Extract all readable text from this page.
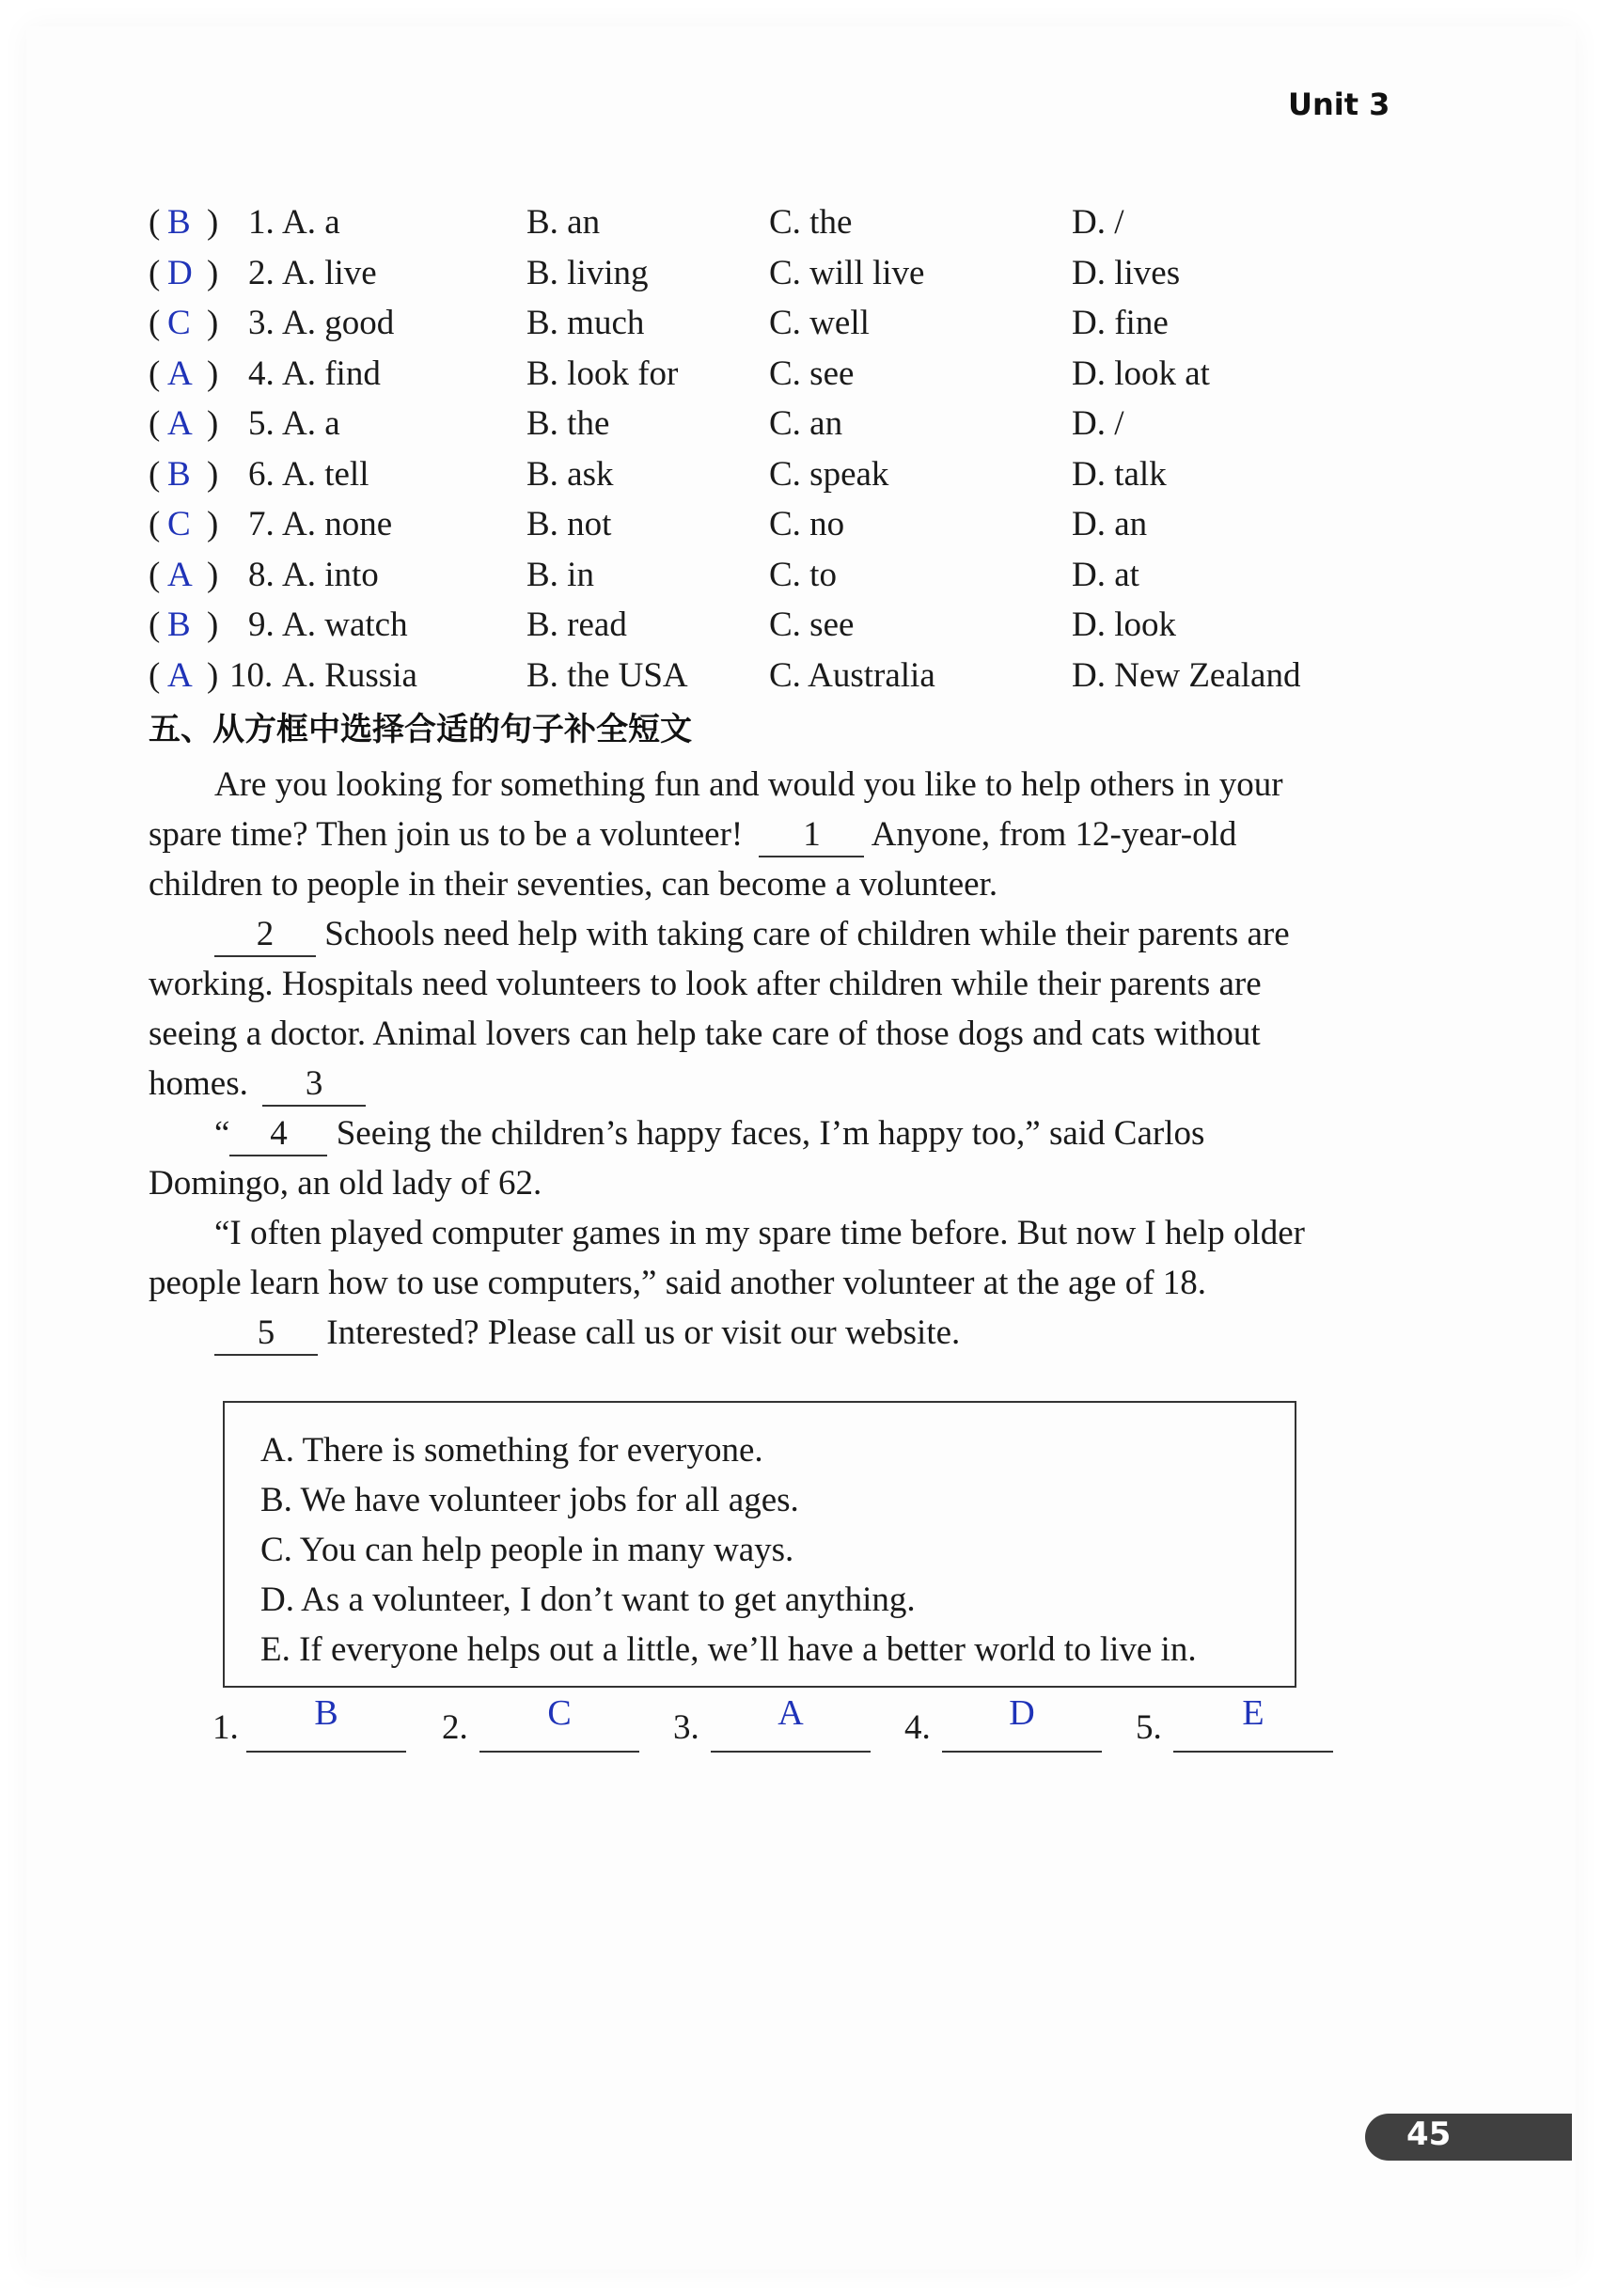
Unit 3
( B ) 1. A. a	B. an	C. the	D. /
( D ) 2. A. live	B. living	C. will live	D. lives
( C ) 3. A. good	B. much	C. well	D. fine
( A ) 4. A. find	B. look for	C. see	D. look at
( A ) 5. A. a	B. the	C. an	D. /
( B ) 6. A. tell	B. ask	C. speak	D. talk
( C ) 7. A. none	B. not	C. no	D. an
( A ) 8. A. into	B. in	C. to	D. at
( B ) 9. A. watch	B. read	C. see	D. look
( A ) 10. A. Russia	B. the USA C. Australia	D. New Zealand
五、从方框中选择合适的句子补全短文
Are you looking for something fun and would you like to help others in your
spare time? Then join us to be a volunteer! 1 Anyone, from 12-year-old
children to people in their seventies, can become a volunteer.
2 Schools need help with taking care of children while their parents are
working. Hospitals need volunteers to look after children while their parents are
seeing a doctor. Animal lovers can help take care of those dogs and cats without
homes. 3
“ 4 Seeing the children’s happy faces, I’m happy too,” said Carlos
Domingo, an old lady of 62.
“I often played computer games in my spare time before. But now I help older
people learn how to use computers,” said another volunteer at the age of 18.
5 Interested? Please call us or visit our website.
A. There is something for everyone.
B. We have volunteer jobs for all ages.
C. You can help people in many ways.
D. As a volunteer, I don’t want to get anything.
E. If everyone helps out a little, we’ll have a better world to live in.
1.	B	2.	C	3.	A	4.	D	5.	E
45
